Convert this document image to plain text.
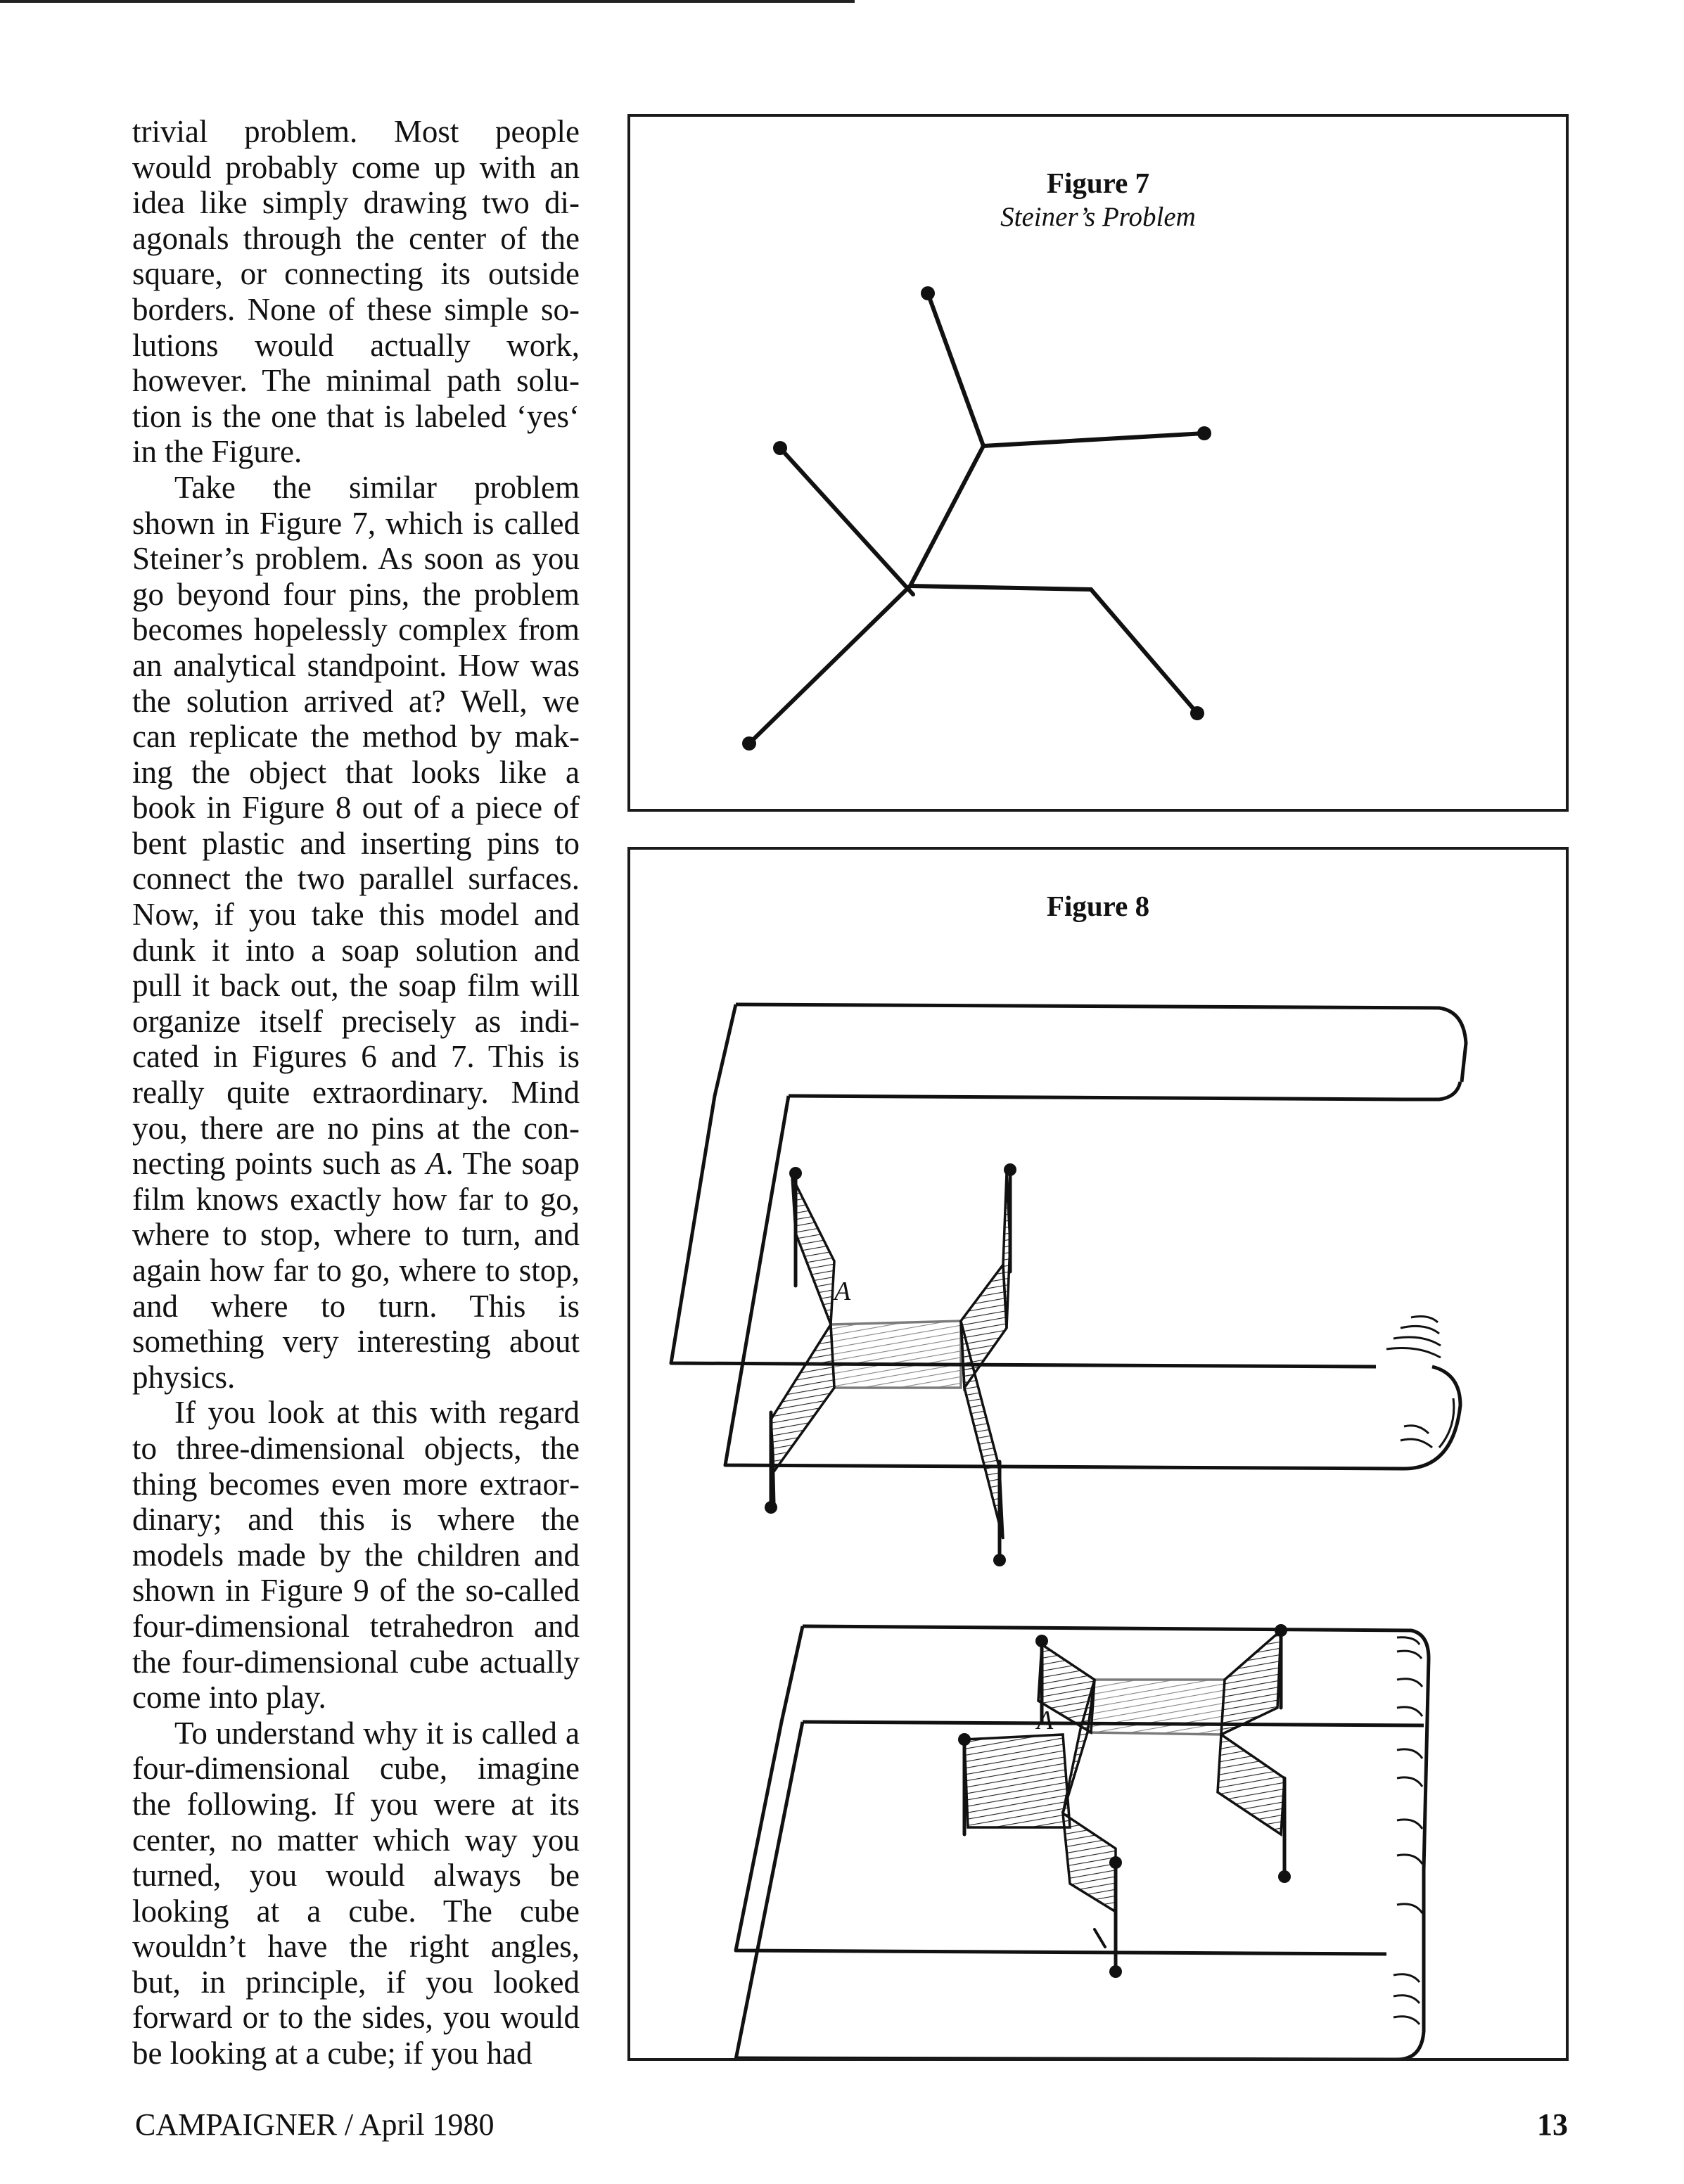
trivial problem. Most people would probably come up with an idea like simply drawing two diagonals through the center of the square, or connecting its outside borders. None of these simple solutions would actually work, however. The minimal path solution is the one that is labeled ‘yes‘ in the Figure.

Take the similar problem shown in Figure 7, which is called Steiner’s problem. As soon as you go beyond four pins, the problem becomes hopelessly complex from an analytical standpoint. How was the solution arrived at? Well, we can replicate the method by making the object that looks like a book in Figure 8 out of a piece of bent plastic and inserting pins to connect the two parallel surfaces. Now, if you take this model and dunk it into a soap solution and pull it back out, the soap film will organize itself precisely as indicated in Figures 6 and 7. This is really quite extraordinary. Mind you, there are no pins at the connecting points such as A. The soap film knows exactly how far to go, where to stop, where to turn, and again how far to go, where to stop, and where to turn. This is something very interesting about physics.

If you look at this with regard to three-dimensional objects, the thing becomes even more extraordinary; and this is where the models made by the children and shown in Figure 9 of the so-called four-dimensional tetrahedron and the four-dimensional cube actually come into play.

To understand why it is called a four-dimensional cube, imagine the following. If you were at its center, no matter which way you turned, you would always be looking at a cube. The cube wouldn’t have the right angles, but, in principle, if you looked forward or to the sides, you would be looking at a cube; if you had

Figure 7
Steiner’s Problem
Figure 8
A
A
CAMPAIGNER / April 1980	13
